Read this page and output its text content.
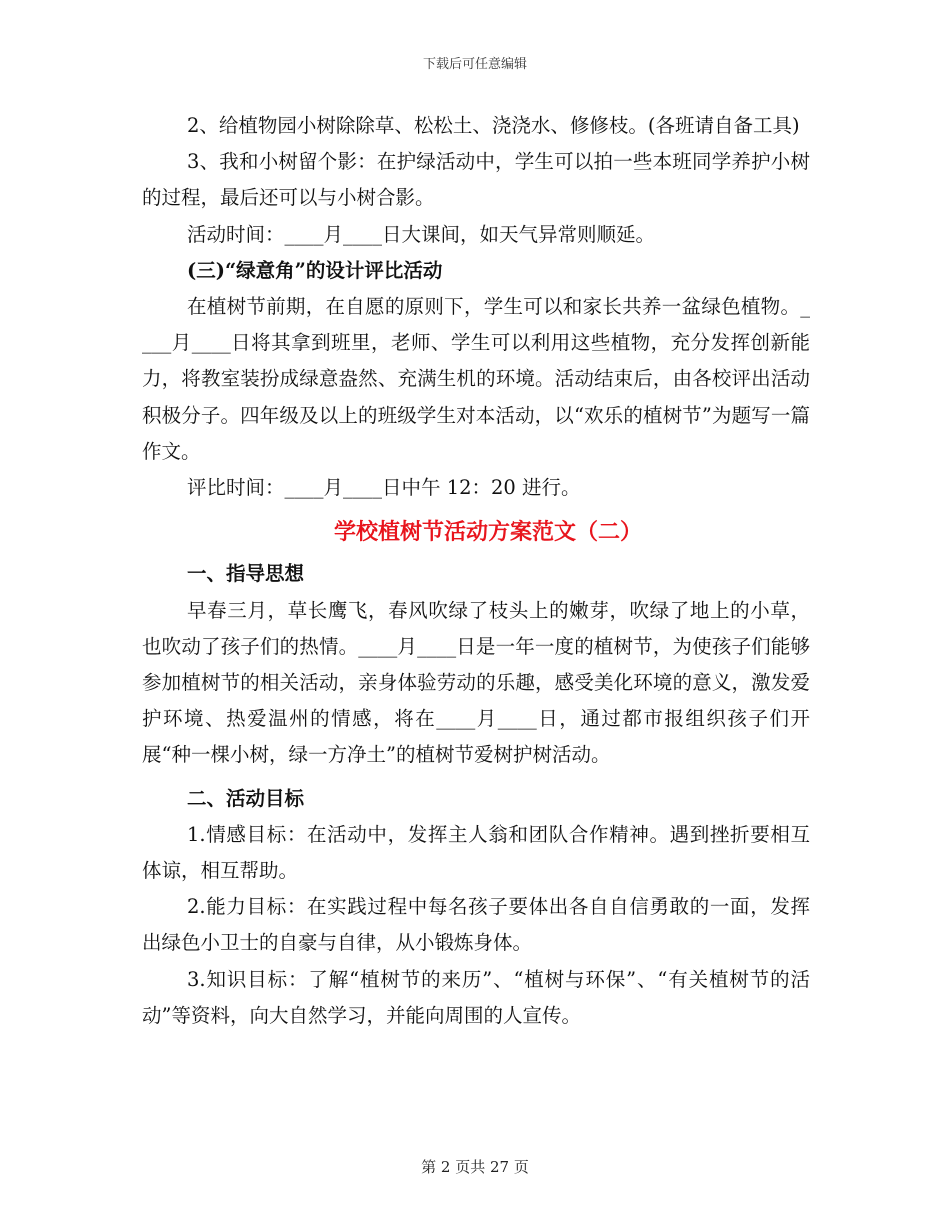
下载后可任意编辑

2、给植物园小树除除草、松松土、浇浇水、修修枝。(各班请自备工具)

3、我和小树留个影：在护绿活动中，学生可以拍一些本班同学养护小树的过程，最后还可以与小树合影。

活动时间：____月____日大课间，如天气异常则顺延。

(三)“绿意角”的设计评比活动

在植树节前期，在自愿的原则下，学生可以和家长共养一盆绿色植物。____月____日将其拿到班里，老师、学生可以利用这些植物，充分发挥创新能力，将教室装扮成绿意盎然、充满生机的环境。活动结束后，由各校评出活动积极分子。四年级及以上的班级学生对本活动，以“欢乐的植树节”为题写一篇作文。

评比时间：____月____日中午 12：20 进行。

学校植树节活动方案范文（二）

一、指导思想

早春三月，草长鹰飞，春风吹绿了枝头上的嫩芽，吹绿了地上的小草，也吹动了孩子们的热情。____月____日是一年一度的植树节，为使孩子们能够参加植树节的相关活动，亲身体验劳动的乐趣，感受美化环境的意义，激发爱护环境、热爱温州的情感，将在____月____日，通过都市报组织孩子们开展“种一棵小树，绿一方净土”的植树节爱树护树活动。

二、活动目标

1.情感目标：在活动中，发挥主人翁和团队合作精神。遇到挫折要相互体谅，相互帮助。

2.能力目标：在实践过程中每名孩子要体出各自自信勇敢的一面，发挥出绿色小卫士的自豪与自律，从小锻炼身体。

3.知识目标：了解“植树节的来历”、“植树与环保”、“有关植树节的活动”等资料，向大自然学习，并能向周围的人宣传。

第 2 页共 27 页
